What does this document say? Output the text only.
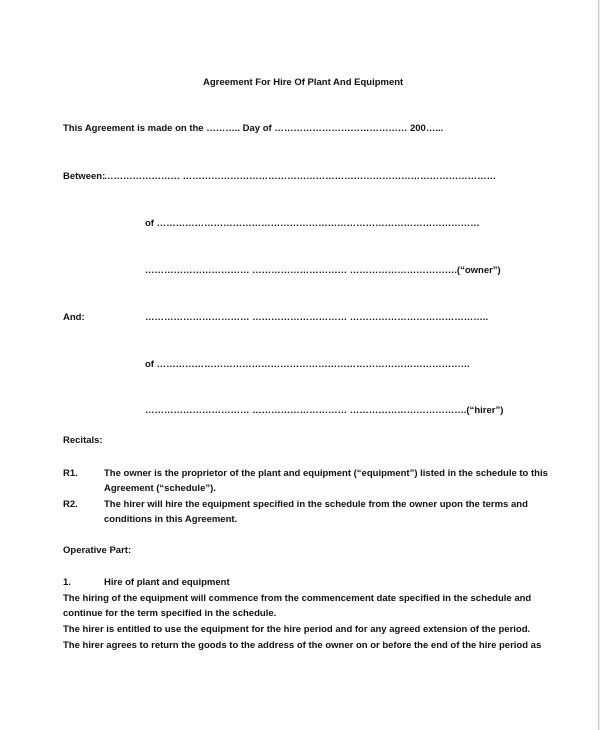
Agreement For Hire Of Plant And Equipment
This Agreement is made on the ……….. Day of …………………………………… 200…...
Between:
…………………… ………………………………………………………………………………………
of …………………………………………………………………………………………
…………………………… ………………………… …………………………….(“owner”)
And:	…………………………… ………………………… ……………………………………..
of ………………………………………………………………………………………
…………………………… ………………………… ……………………………….(“hirer”)
Recitals:
R1.	The owner is the proprietor of the plant and equipment (“equipment”) listed in the schedule to this
Agreement (“schedule”).
R2.	The hirer will hire the equipment specified in the schedule from the owner upon the terms and
conditions in this Agreement.
Operative Part:
1.	Hire of plant and equipment
The hiring of the equipment will commence from the commencement date specified in the schedule and
continue for the term specified in the schedule.
The hirer is entitled to use the equipment for the hire period and for any agreed extension of the period.
The hirer agrees to return the goods to the address of the owner on or before the end of the hire period as
